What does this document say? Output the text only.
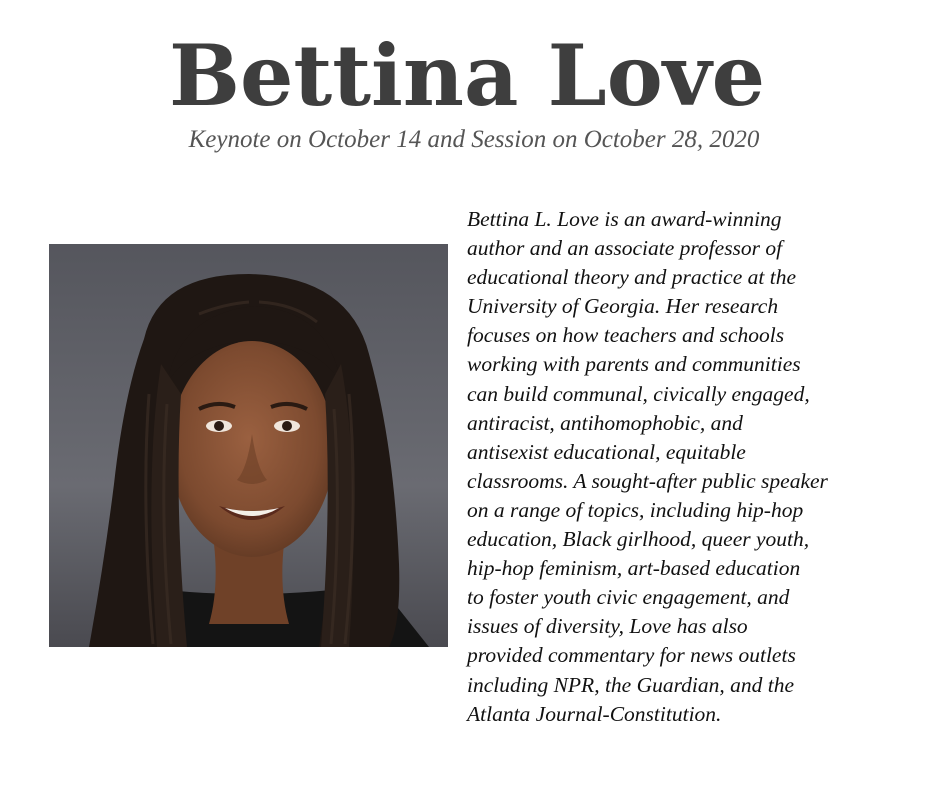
Bettina Love
Keynote on October 14 and Session on October 28, 2020
Bettina L. Love is an award-winning
author and an associate professor of
educational theory and practice at the
University of Georgia. Her research
focuses on how teachers and schools
working with parents and communities
can build communal, civically engaged,
antiracist, antihomophobic, and
antisexist educational, equitable
classrooms. A sought-after public speaker
on a range of topics, including hip-hop
education, Black girlhood, queer youth,
hip-hop feminism, art-based education
to foster youth civic engagement, and
issues of diversity, Love has also
provided commentary for news outlets
including NPR, the Guardian, and the
Atlanta Journal-Constitution.
